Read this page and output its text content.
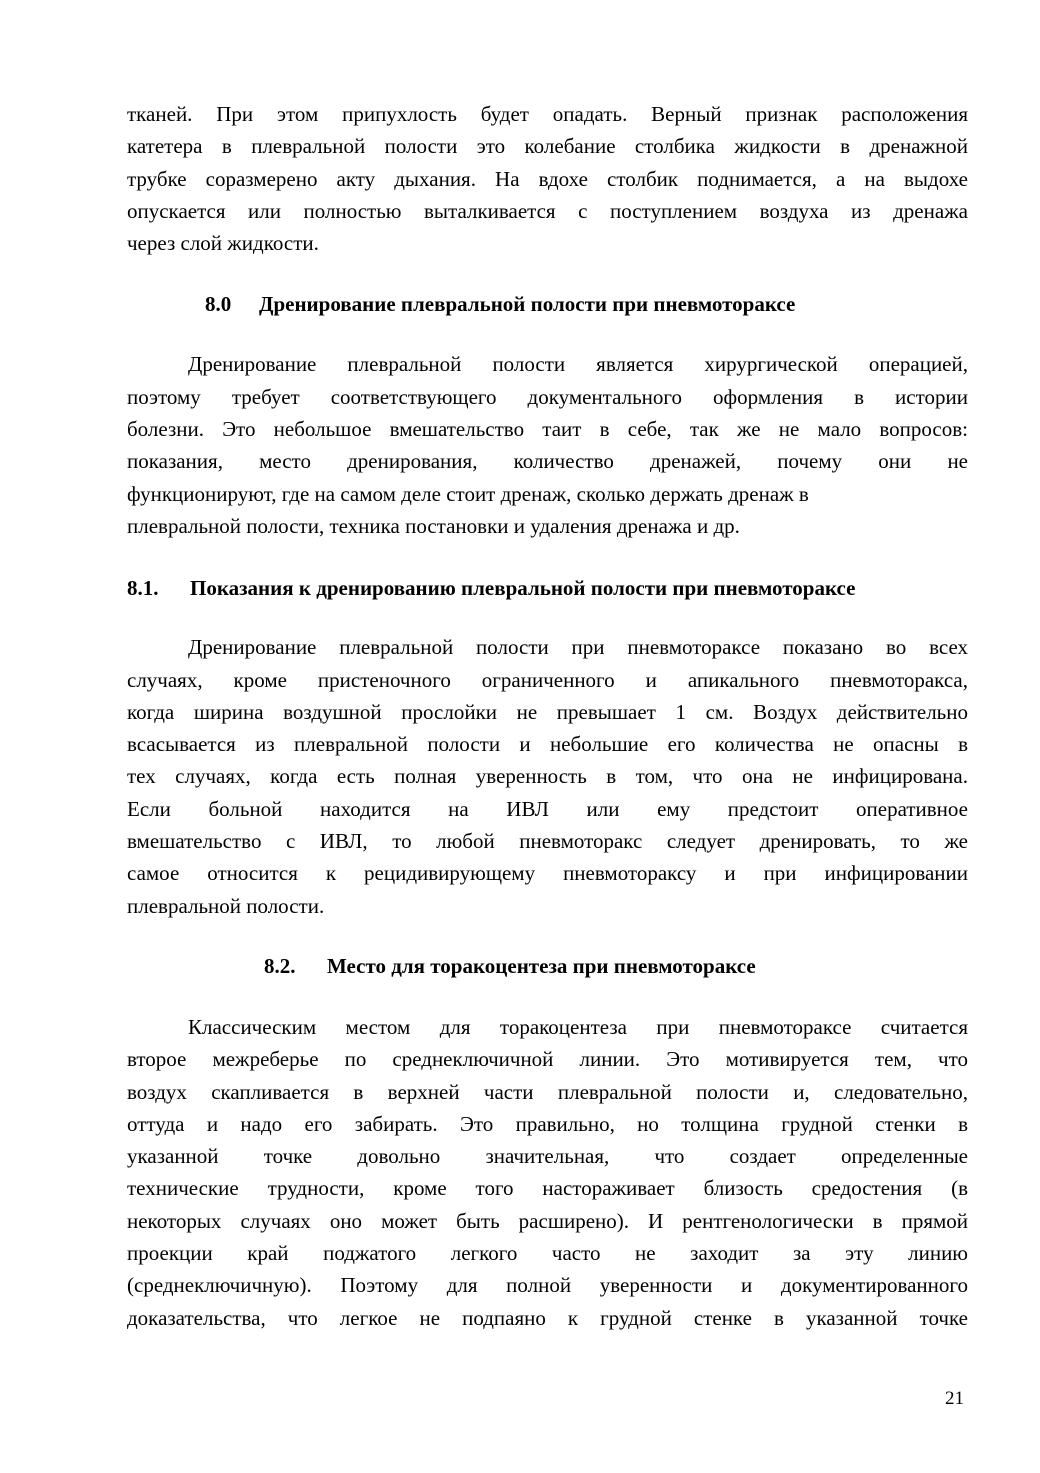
тканей. При этом припухлость будет опадать. Верный признак расположения
катетера в плевральной полости это колебание столбика жидкости в дренажной
трубке соразмерено акту дыхания. На вдохе столбик поднимается, а на выдохе
опускается или полностью выталкивается с поступлением воздуха из дренажа
через слой жидкости.
8.0 Дренирование плевральной полости при пневмотораксе
Дренирование плевральной полости является хирургической операцией,
поэтому требует соответствующего документального оформления в истории
болезни. Это небольшое вмешательство таит в себе, так же не мало вопросов:
показания, место дренирования, количество дренажей, почему они не
функционируют, где на самом деле стоит дренаж, сколько держать дренаж в
плевральной полости, техника постановки и удаления дренажа и др.
8.1. Показания к дренированию плевральной полости при пневмотораксе
Дренирование плевральной полости при пневмотораксе показано во всех
случаях, кроме пристеночного ограниченного и апикального пневмоторакса,
когда ширина воздушной прослойки не превышает 1 см. Воздух действительно
всасывается из плевральной полости и небольшие его количества не опасны в
тех случаях, когда есть полная уверенность в том, что она не инфицирована.
Если больной находится на ИВЛ или ему предстоит оперативное
вмешательство с ИВЛ, то любой пневмоторакс следует дренировать, то же
самое относится к рецидивирующему пневмотораксу и при инфицировании
плевральной полости.
8.2. Место для торакоцентеза при пневмотораксе
Классическим местом для торакоцентеза при пневмотораксе считается
второе межреберье по среднеключичной линии. Это мотивируется тем, что
воздух скапливается в верхней части плевральной полости и, следовательно,
оттуда и надо его забирать. Это правильно, но толщина грудной стенки в
указанной точке довольно значительная, что создает определенные
технические трудности, кроме того настораживает близость средостения (в
некоторых случаях оно может быть расширено). И рентгенологически в прямой
проекции край поджатого легкого часто не заходит за эту линию
(среднеключичную). Поэтому для полной уверенности и документированного
доказательства, что легкое не подпаяно к грудной стенке в указанной точке
21
